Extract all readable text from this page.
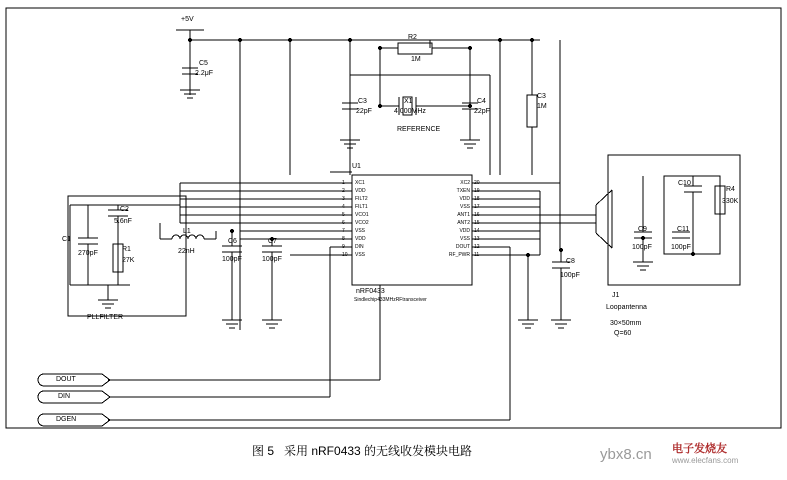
+5V
C5
2.2μF
R2
1M
C3
22pF
X1
4.000MHz
C4
22pF
REFERENCE
C3
1M
C2
5.6nF
C1
270pF
R1
27K
L1
22nH
C6
100pF
C7
100pF
PLLFILTER
U1
nRF0433
Sindlechip433MHzRFtransceiver
C8
100pF
C10
C9
100pF
C11
100pF
R4
330K
J1
Loopantenna
30×50mm
Q=60
DOUT
DIN
DGEN
1 XC1
2 VDD
3 FILT2
4 FILT1
5 VCO1
6 VCO2
7 VSS
8 VDD
9 DIN
10 VSS
20
XC2
19
TXEN
18
VDD
17
VSS
16
ANT1
15
ANT2
14
VDD
13
VSS
12
DOUT
11
RF_PWR
图 5   采用 nRF0433 的无线收发模块电路	ybx8.cn 电子发烧友
www.elecfans.com
